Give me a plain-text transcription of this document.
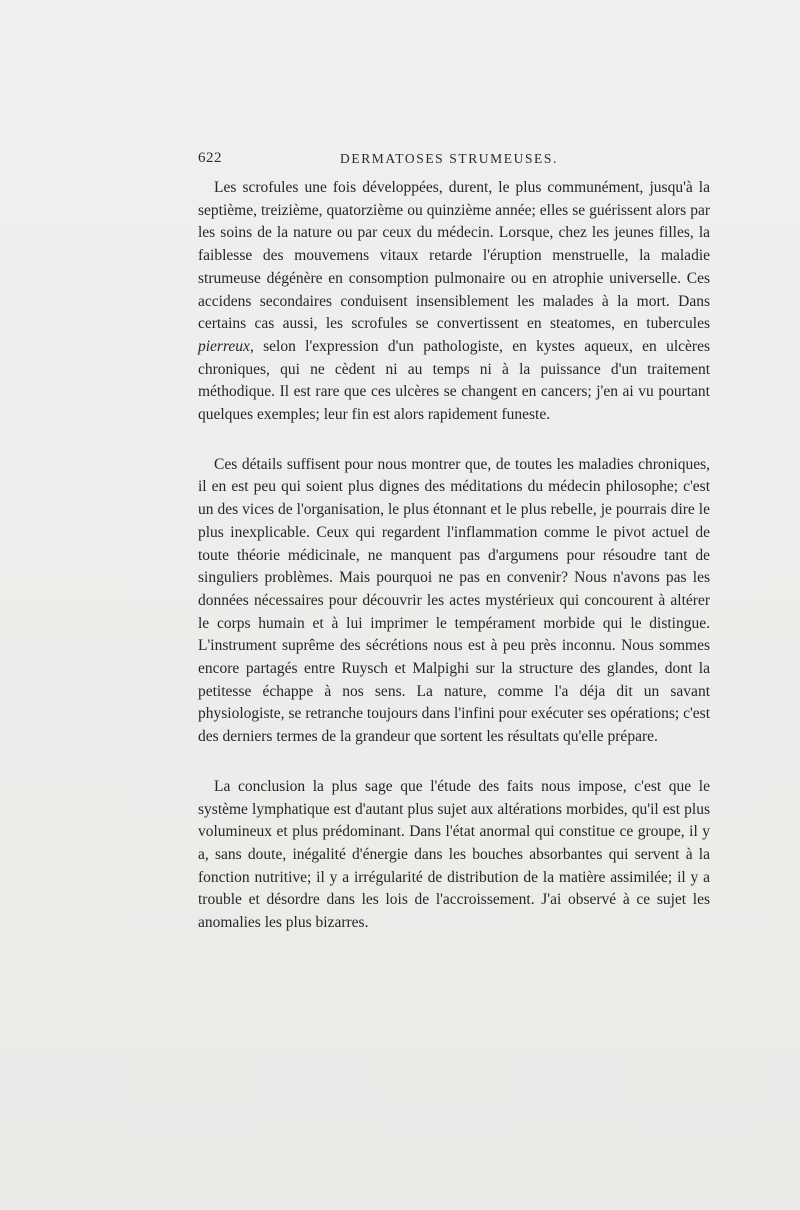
622	DERMATOSES STRUMEUSES.

Les scrofules une fois développées, durent, le plus communément, jusqu'à la septième, treizième, quatorzième ou quinzième année; elles se guérissent alors par les soins de la nature ou par ceux du médecin. Lorsque, chez les jeunes filles, la faiblesse des mouvemens vitaux retarde l'éruption menstruelle, la maladie strumeuse dégénère en consomption pulmonaire ou en atrophie universelle. Ces accidens secondaires conduisent insensiblement les malades à la mort. Dans certains cas aussi, les scrofules se convertissent en steatomes, en tubercules pierreux, selon l'expression d'un pathologiste, en kystes aqueux, en ulcères chroniques, qui ne cèdent ni au temps ni à la puissance d'un traitement méthodique. Il est rare que ces ulcères se changent en cancers; j'en ai vu pourtant quelques exemples; leur fin est alors rapidement funeste.

Ces détails suffisent pour nous montrer que, de toutes les maladies chroniques, il en est peu qui soient plus dignes des méditations du médecin philosophe; c'est un des vices de l'organisation, le plus étonnant et le plus rebelle, je pourrais dire le plus inexplicable. Ceux qui regardent l'inflammation comme le pivot actuel de toute théorie médicinale, ne manquent pas d'argumens pour résoudre tant de singuliers problèmes. Mais pourquoi ne pas en convenir? Nous n'avons pas les données nécessaires pour découvrir les actes mystérieux qui concourent à altérer le corps humain et à lui imprimer le tempérament morbide qui le distingue. L'instrument suprême des sécrétions nous est à peu près inconnu. Nous sommes encore partagés entre Ruysch et Malpighi sur la structure des glandes, dont la petitesse échappe à nos sens. La nature, comme l'a déja dit un savant physiologiste, se retranche toujours dans l'infini pour exécuter ses opérations; c'est des derniers termes de la grandeur que sortent les résultats qu'elle prépare.

La conclusion la plus sage que l'étude des faits nous impose, c'est que le système lymphatique est d'autant plus sujet aux altérations morbides, qu'il est plus volumineux et plus prédominant. Dans l'état anormal qui constitue ce groupe, il y a, sans doute, inégalité d'énergie dans les bouches absorbantes qui servent à la fonction nutritive; il y a irrégularité de distribution de la matière assimilée; il y a trouble et désordre dans les lois de l'accroissement. J'ai observé à ce sujet les anomalies les plus bizarres.
